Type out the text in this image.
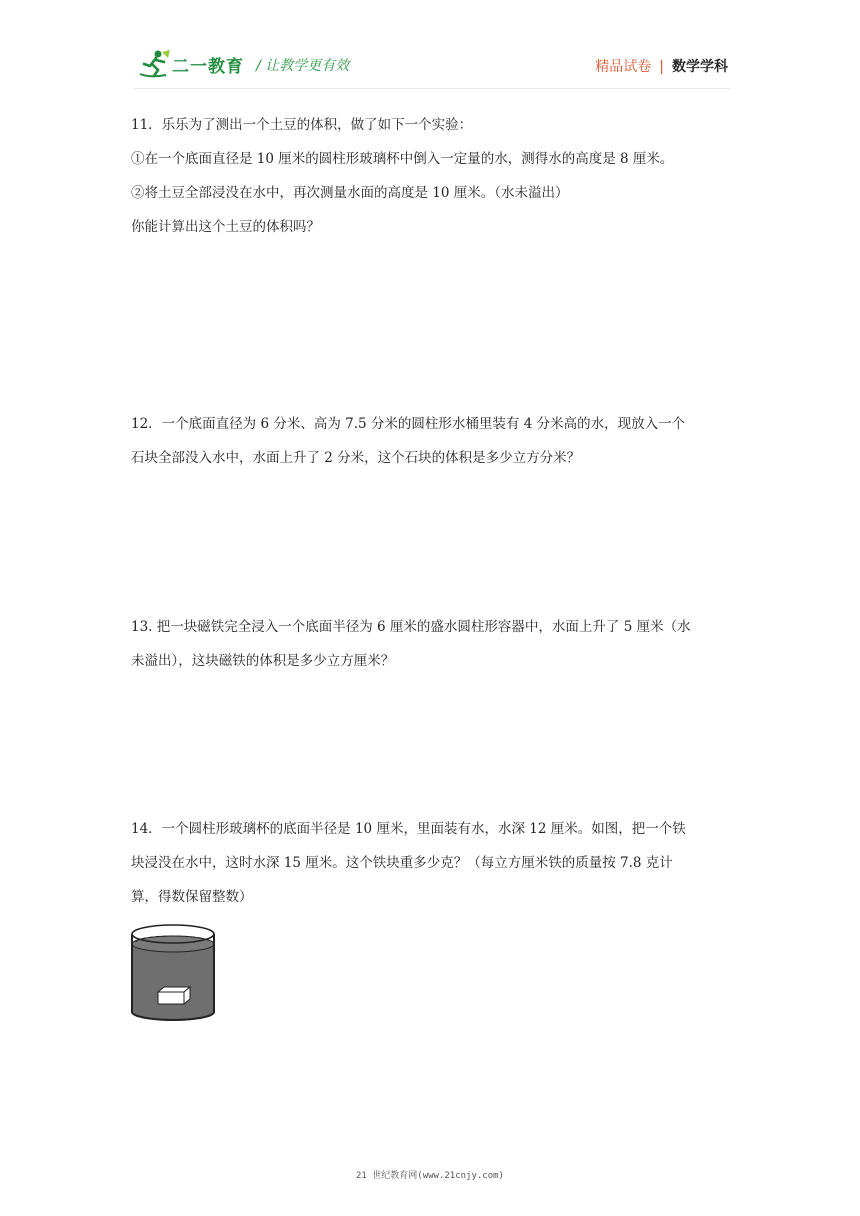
二一教育 / 让教学更有效	精品试卷 | 数学学科

11．乐乐为了测出一个土豆的体积，做了如下一个实验：

①在一个底面直径是 10 厘米的圆柱形玻璃杯中倒入一定量的水，测得水的高度是 8 厘米。

②将土豆全部浸没在水中，再次测量水面的高度是 10 厘米。（水未溢出）

你能计算出这个土豆的体积吗？

12．一个底面直径为 6 分米、高为 7.5 分米的圆柱形水桶里装有 4 分米高的水，现放入一个

石块全部没入水中，水面上升了 2 分米，这个石块的体积是多少立方分米？

13. 把一块磁铁完全浸入一个底面半径为 6 厘米的盛水圆柱形容器中，水面上升了 5 厘米（水

未溢出），这块磁铁的体积是多少立方厘米？

14．一个圆柱形玻璃杯的底面半径是 10 厘米，里面装有水，水深 12 厘米。如图，把一个铁

块浸没在水中，这时水深 15 厘米。这个铁块重多少克？（每立方厘米铁的质量按 7.8 克计

算，得数保留整数）

21 世纪教育网(www.21cnjy.com)
